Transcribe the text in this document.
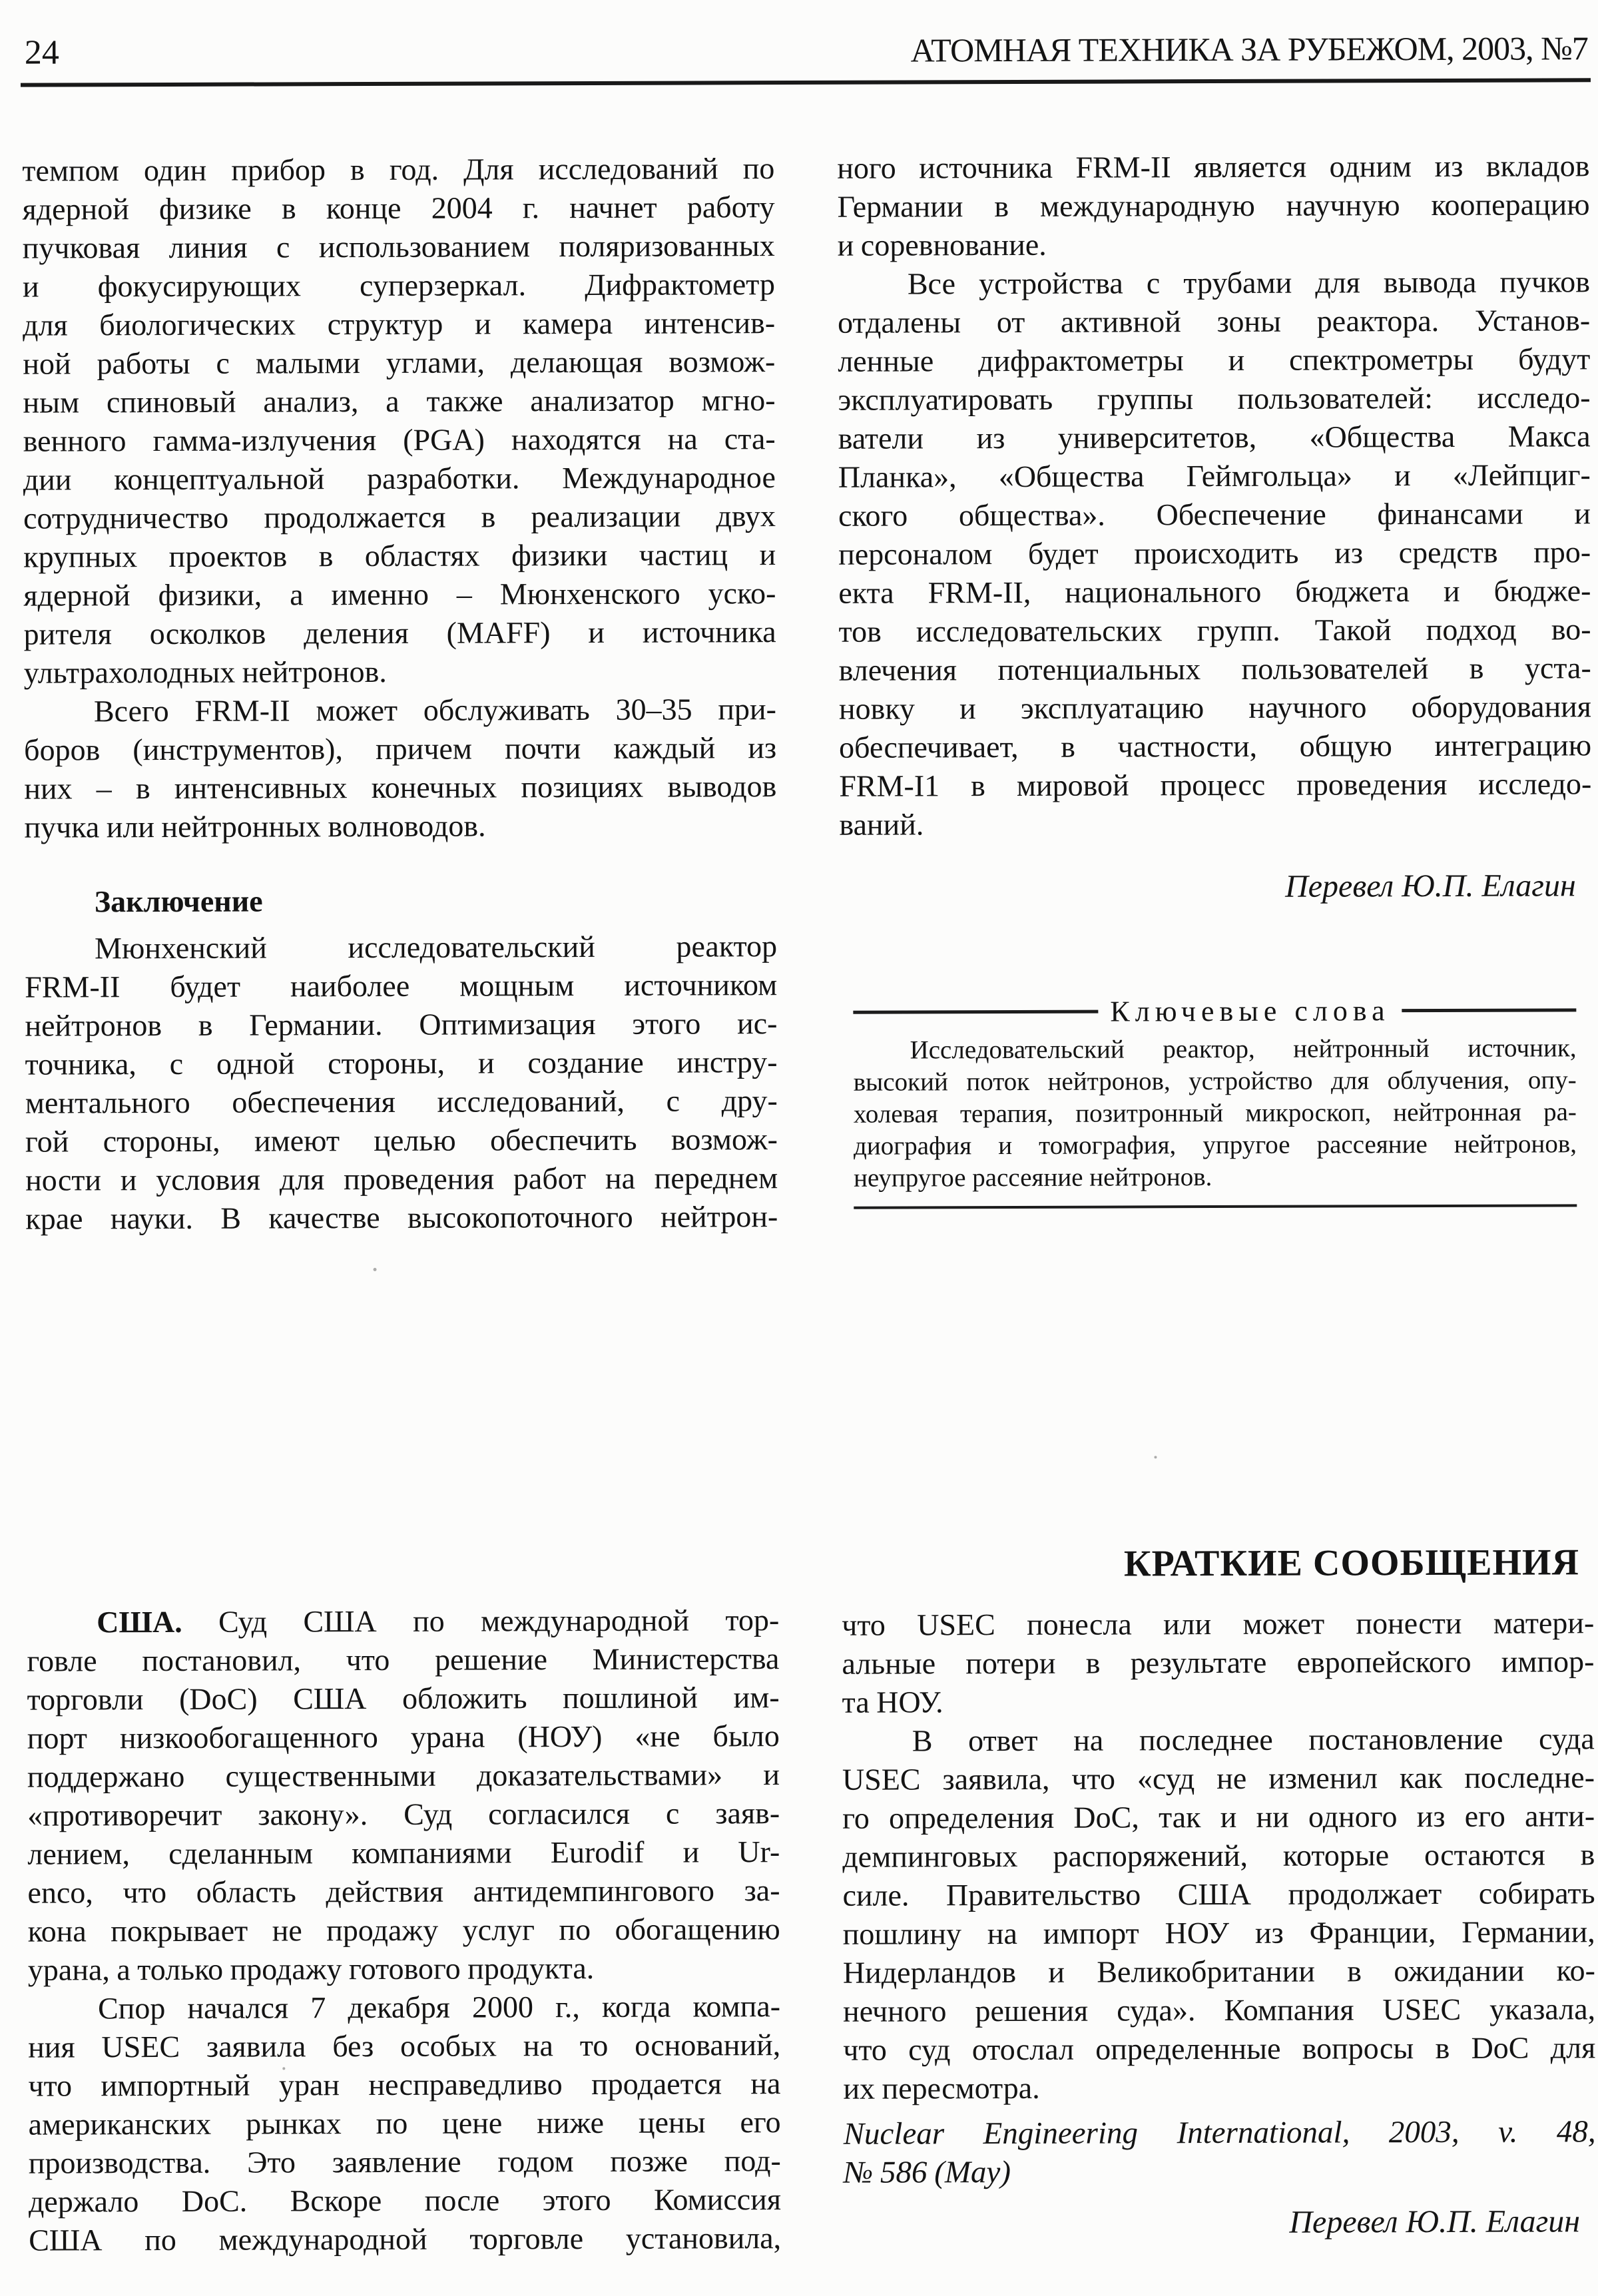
24	АТОМНАЯ ТЕХНИКА ЗА РУБЕЖОМ, 2003, №7
темпом один прибор в год. Для исследований по
ядерной физике в конце 2004 г. начнет работу
пучковая линия с использованием поляризованных
и фокусирующих суперзеркал. Дифрактометр
для биологических структур и камера интенсив-
ной работы с малыми углами, делающая возмож-
ным спиновый анализ, а также анализатор мгно-
венного гамма-излучения (PGA) находятся на ста-
дии концептуальной разработки. Международное
сотрудничество продолжается в реализации двух
крупных проектов в областях физики частиц и
ядерной физики, а именно – Мюнхенского уско-
рителя осколков деления (MAFF) и источника
ультрахолодных нейтронов.
Всего FRM-II может обслуживать 30–35 при-
боров (инструментов), причем почти каждый из
них – в интенсивных конечных позициях выводов
пучка или нейтронных волноводов.
Заключение
Мюнхенский исследовательский реактор
FRM-II будет наиболее мощным источником
нейтронов в Германии. Оптимизация этого ис-
точника, с одной стороны, и создание инстру-
ментального обеспечения исследований, с дру-
гой стороны, имеют целью обеспечить возмож-
ности и условия для проведения работ на переднем
крае науки. В качестве высокопоточного нейтрон-
ного источника FRM-II является одним из вкладов
Германии в международную научную кооперацию
и соревнование.
Все устройства с трубами для вывода пучков
отдалены от активной зоны реактора. Установ-
ленные дифрактометры и спектрометры будут
эксплуатировать группы пользователей: исследо-
ватели из университетов, «Общества Макса
Планка», «Общества Геймгольца» и «Лейпциг-
ского общества». Обеспечение финансами и
персоналом будет происходить из средств про-
екта FRM-II, национального бюджета и бюдже-
тов исследовательских групп. Такой подход во-
влечения потенциальных пользователей в уста-
новку и эксплуатацию научного оборудования
обеспечивает, в частности, общую интеграцию
FRM-I1 в мировой процесс проведения исследо-
ваний.
Перевел Ю.П. Елагин
Ключевые слова
Исследовательский реактор, нейтронный источник,
высокий поток нейтронов, устройство для облучения, опу-
холевая терапия, позитронный микроскоп, нейтронная ра-
диография и томография, упругое рассеяние нейтронов,
неупругое рассеяние нейтронов.
КРАТКИЕ СООБЩЕНИЯ
США. Суд США по международной тор-
говле постановил, что решение Министерства
торговли (DoC) США обложить пошлиной им-
порт низкообогащенного урана (НОУ) «не было
поддержано существенными доказательствами» и
«противоречит закону». Суд согласился с заяв-
лением, сделанным компаниями Eurodif и Ur-
enco, что область действия антидемпингового за-
кона покрывает не продажу услуг по обогащению
урана, а только продажу готового продукта.
Спор начался 7 декабря 2000 г., когда компа-
ния USEC заявила без особых на то оснований,
что импортный уран несправедливо продается на
американских рынках по цене ниже цены его
производства. Это заявление годом позже под-
держало DoC. Вскоре после этого Комиссия
США по международной торговле установила,
что USEC понесла или может понести матери-
альные потери в результате европейского импор-
та НОУ.
В ответ на последнее постановление суда
USEC заявила, что «суд не изменил как последне-
го определения DoC, так и ни одного из его анти-
демпинговых распоряжений, которые остаются в
силе. Правительство США продолжает собирать
пошлину на импорт НОУ из Франции, Германии,
Нидерландов и Великобритании в ожидании ко-
нечного решения суда». Компания USEC указала,
что суд отослал определенные вопросы в DoC для
их пересмотра.
Nuclear Engineering International, 2003, v. 48,
№ 586 (May)
Перевел Ю.П. Елагин
